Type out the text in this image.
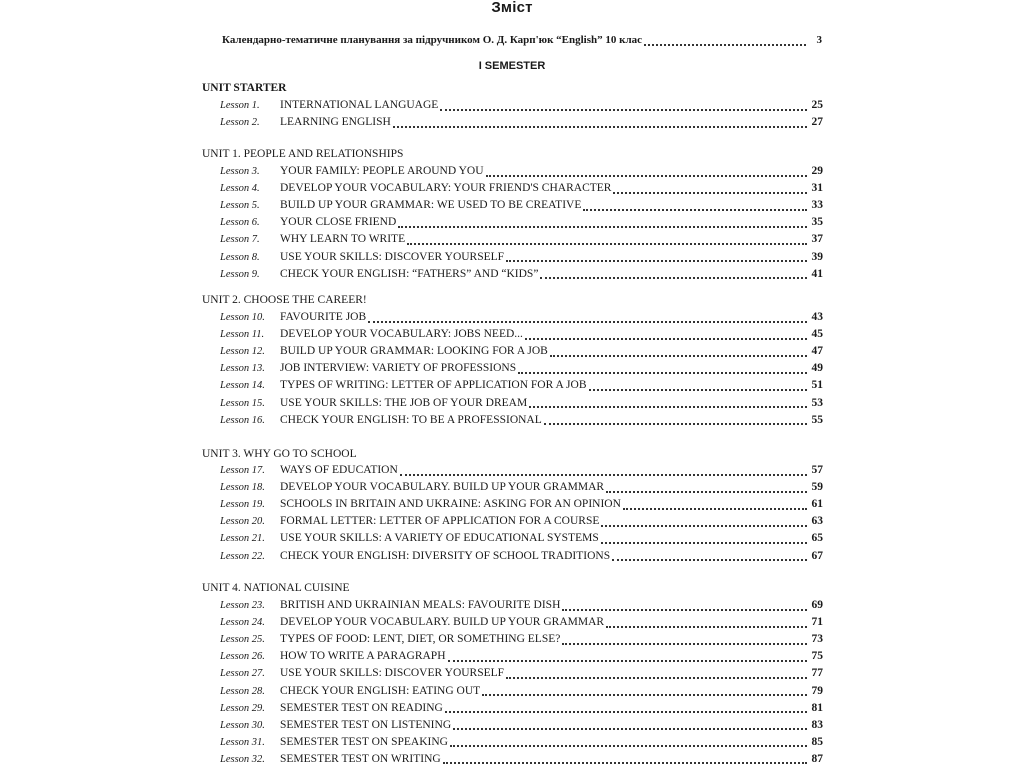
Зміст
Календарно-тематичне планування за підручником О. Д. Карп'юк “English” 10 клас	3
I SEMESTER
UNIT STARTER
Lesson 1.	INTERNATIONAL LANGUAGE	25
Lesson 2.	LEARNING ENGLISH	27
UNIT 1. PEOPLE AND RELATIONSHIPS
Lesson 3.	YOUR FAMILY: PEOPLE AROUND YOU	29
Lesson 4.	DEVELOP YOUR VOCABULARY: YOUR FRIEND'S CHARACTER	31
Lesson 5.	BUILD UP YOUR GRAMMAR: WE USED TO BE CREATIVE	33
Lesson 6.	YOUR CLOSE FRIEND	35
Lesson 7.	WHY LEARN TO WRITE	37
Lesson 8.	USE YOUR SKILLS: DISCOVER YOURSELF	39
Lesson 9.	CHECK YOUR ENGLISH: “FATHERS” AND “KIDS”	41
UNIT 2. CHOOSE THE CAREER!
Lesson 10.	FAVOURITE JOB	43
Lesson 11.	DEVELOP YOUR VOCABULARY: JOBS NEED...	45
Lesson 12.	BUILD UP YOUR GRAMMAR: LOOKING FOR A JOB	47
Lesson 13.	JOB INTERVIEW: VARIETY OF PROFESSIONS	49
Lesson 14.	TYPES OF WRITING: LETTER OF APPLICATION FOR A JOB	51
Lesson 15.	USE YOUR SKILLS: THE JOB OF YOUR DREAM	53
Lesson 16.	CHECK YOUR ENGLISH: TO BE A PROFESSIONAL	55
UNIT 3. WHY GO TO SCHOOL
Lesson 17.	WAYS OF EDUCATION	57
Lesson 18.	DEVELOP YOUR VOCABULARY. BUILD UP YOUR GRAMMAR	59
Lesson 19.	SCHOOLS IN BRITAIN AND UKRAINE: ASKING FOR AN OPINION	61
Lesson 20.	FORMAL LETTER: LETTER OF APPLICATION FOR A COURSE	63
Lesson 21.	USE YOUR SKILLS: A VARIETY OF EDUCATIONAL SYSTEMS	65
Lesson 22.	CHECK YOUR ENGLISH: DIVERSITY OF SCHOOL TRADITIONS	67
UNIT 4. NATIONAL CUISINE
Lesson 23.	BRITISH AND UKRAINIAN MEALS: FAVOURITE DISH	69
Lesson 24.	DEVELOP YOUR VOCABULARY. BUILD UP YOUR GRAMMAR	71
Lesson 25.	TYPES OF FOOD: LENT, DIET, OR SOMETHING ELSE?	73
Lesson 26.	HOW TO WRITE A PARAGRAPH	75
Lesson 27.	USE YOUR SKILLS: DISCOVER YOURSELF	77
Lesson 28.	CHECK YOUR ENGLISH: EATING OUT	79
Lesson 29.	SEMESTER TEST ON READING	81
Lesson 30.	SEMESTER TEST ON LISTENING	83
Lesson 31.	SEMESTER TEST ON SPEAKING	85
Lesson 32.	SEMESTER TEST ON WRITING	87
